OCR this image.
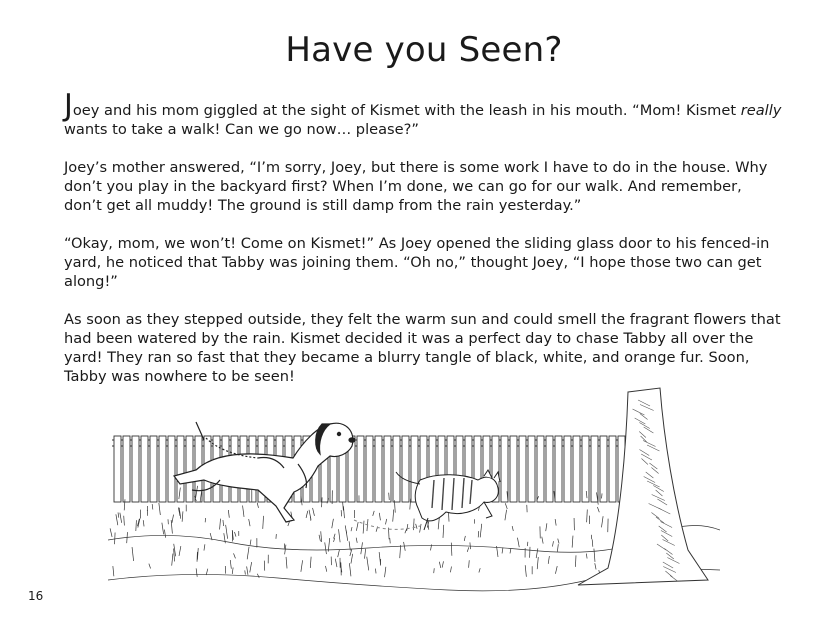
Have you Seen?

Joey and his mom giggled at the sight of Kismet with the leash in his mouth. “Mom! Kismet really wants to take a walk! Can we go now… please?”

Joey’s mother answered, “I’m sorry, Joey, but there is some work I have to do in the house. Why don’t you play in the backyard first? When I’m done, we can go for our walk. And remember, don’t get all muddy! The ground is still damp from the rain yesterday.”

“Okay, mom, we won’t! Come on Kismet!” As Joey opened the sliding glass door to his fenced-in yard, he noticed that Tabby was joining them. “Oh no,” thought Joey, “I hope those two can get along!”

As soon as they stepped outside, they felt the warm sun and could smell the fragrant flowers that had been watered by the rain. Kismet decided it was a perfect day to chase Tabby all over the yard! They ran so fast that they became a blurry tangle of black, white, and orange fur. Soon, Tabby was nowhere to be seen!

16
